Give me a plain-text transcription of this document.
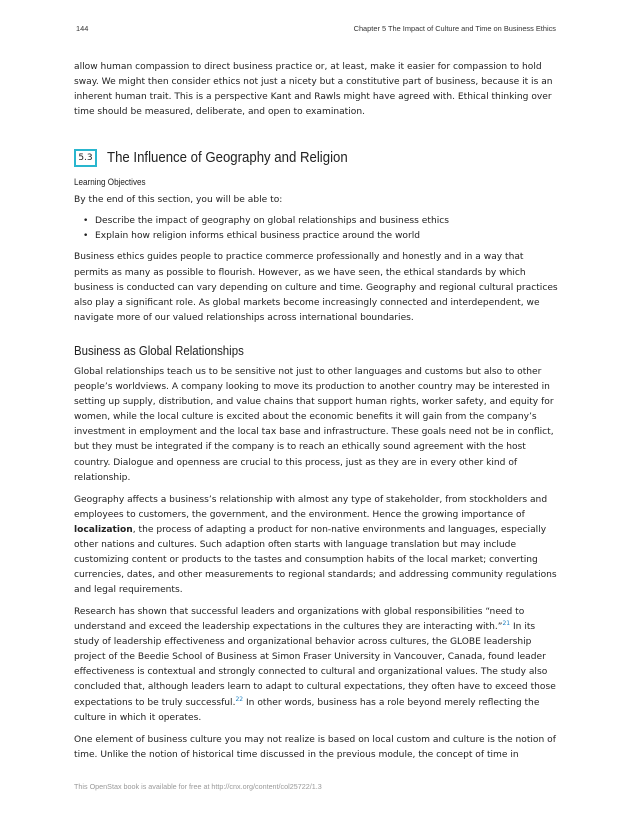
144	Chapter 5 The Impact of Culture and Time on Business Ethics

allow human compassion to direct business practice or, at least, make it easier for compassion to hold sway. We might then consider ethics not just a nicety but a constitutive part of business, because it is an inherent human trait. This is a perspective Kant and Rawls might have agreed with. Ethical thinking over time should be measured, deliberate, and open to examination.

5.3 The Influence of Geography and Religion
Learning Objectives

By the end of this section, you will be able to:

• Describe the impact of geography on global relationships and business ethics
• Explain how religion informs ethical business practice around the world

Business ethics guides people to practice commerce professionally and honestly and in a way that permits as many as possible to flourish. However, as we have seen, the ethical standards by which business is conducted can vary depending on culture and time. Geography and regional cultural practices also play a significant role. As global markets become increasingly connected and interdependent, we navigate more of our valued relationships across international boundaries.

Business as Global Relationships

Global relationships teach us to be sensitive not just to other languages and customs but also to other people’s worldviews. A company looking to move its production to another country may be interested in setting up supply, distribution, and value chains that support human rights, worker safety, and equity for women, while the local culture is excited about the economic benefits it will gain from the company’s investment in employment and the local tax base and infrastructure. These goals need not be in conflict, but they must be integrated if the company is to reach an ethically sound agreement with the host country. Dialogue and openness are crucial to this process, just as they are in every other kind of relationship.

Geography affects a business’s relationship with almost any type of stakeholder, from stockholders and employees to customers, the government, and the environment. Hence the growing importance of localization, the process of adapting a product for non-native environments and languages, especially other nations and cultures. Such adaption often starts with language translation but may include customizing content or products to the tastes and consumption habits of the local market; converting currencies, dates, and other measurements to regional standards; and addressing community regulations and legal requirements.

Research has shown that successful leaders and organizations with global responsibilities “need to understand and exceed the leadership expectations in the cultures they are interacting with.”$^{21}$ In its study of leadership effectiveness and organizational behavior across cultures, the GLOBE leadership project of the Beedie School of Business at Simon Fraser University in Vancouver, Canada, found leader effectiveness is contextual and strongly connected to cultural and organizational values. The study also concluded that, although leaders learn to adapt to cultural expectations, they often have to exceed those expectations to be truly successful.$^{22}$ In other words, business has a role beyond merely reflecting the culture in which it operates.

One element of business culture you may not realize is based on local custom and culture is the notion of time. Unlike the notion of historical time discussed in the previous module, the concept of time in

This OpenStax book is available for free at http://cnx.org/content/col25722/1.3
